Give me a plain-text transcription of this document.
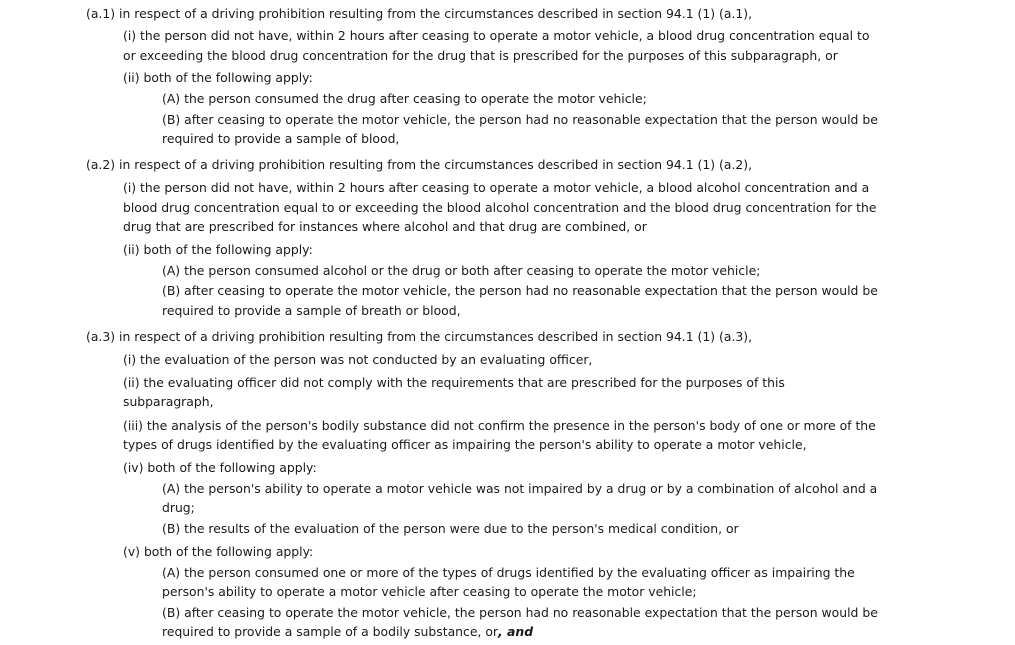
(a.1) in respect of a driving prohibition resulting from the circumstances described in section 94.1 (1) (a.1),
(i) the person did not have, within 2 hours after ceasing to operate a motor vehicle, a blood drug concentration equal to
or exceeding the blood drug concentration for the drug that is prescribed for the purposes of this subparagraph, or
(ii) both of the following apply:
(A) the person consumed the drug after ceasing to operate the motor vehicle;
(B) after ceasing to operate the motor vehicle, the person had no reasonable expectation that the person would be
required to provide a sample of blood,
(a.2) in respect of a driving prohibition resulting from the circumstances described in section 94.1 (1) (a.2),
(i) the person did not have, within 2 hours after ceasing to operate a motor vehicle, a blood alcohol concentration and a
blood drug concentration equal to or exceeding the blood alcohol concentration and the blood drug concentration for the
drug that are prescribed for instances where alcohol and that drug are combined, or
(ii) both of the following apply:
(A) the person consumed alcohol or the drug or both after ceasing to operate the motor vehicle;
(B) after ceasing to operate the motor vehicle, the person had no reasonable expectation that the person would be
required to provide a sample of breath or blood,
(a.3) in respect of a driving prohibition resulting from the circumstances described in section 94.1 (1) (a.3),
(i) the evaluation of the person was not conducted by an evaluating officer,
(ii) the evaluating officer did not comply with the requirements that are prescribed for the purposes of this
subparagraph,
(iii) the analysis of the person's bodily substance did not confirm the presence in the person's body of one or more of the
types of drugs identified by the evaluating officer as impairing the person's ability to operate a motor vehicle,
(iv) both of the following apply:
(A) the person's ability to operate a motor vehicle was not impaired by a drug or by a combination of alcohol and a
drug;
(B) the results of the evaluation of the person were due to the person's medical condition, or
(v) both of the following apply:
(A) the person consumed one or more of the types of drugs identified by the evaluating officer as impairing the
person's ability to operate a motor vehicle after ceasing to operate the motor vehicle;
(B) after ceasing to operate the motor vehicle, the person had no reasonable expectation that the person would be
required to provide a sample of a bodily substance, or, and
